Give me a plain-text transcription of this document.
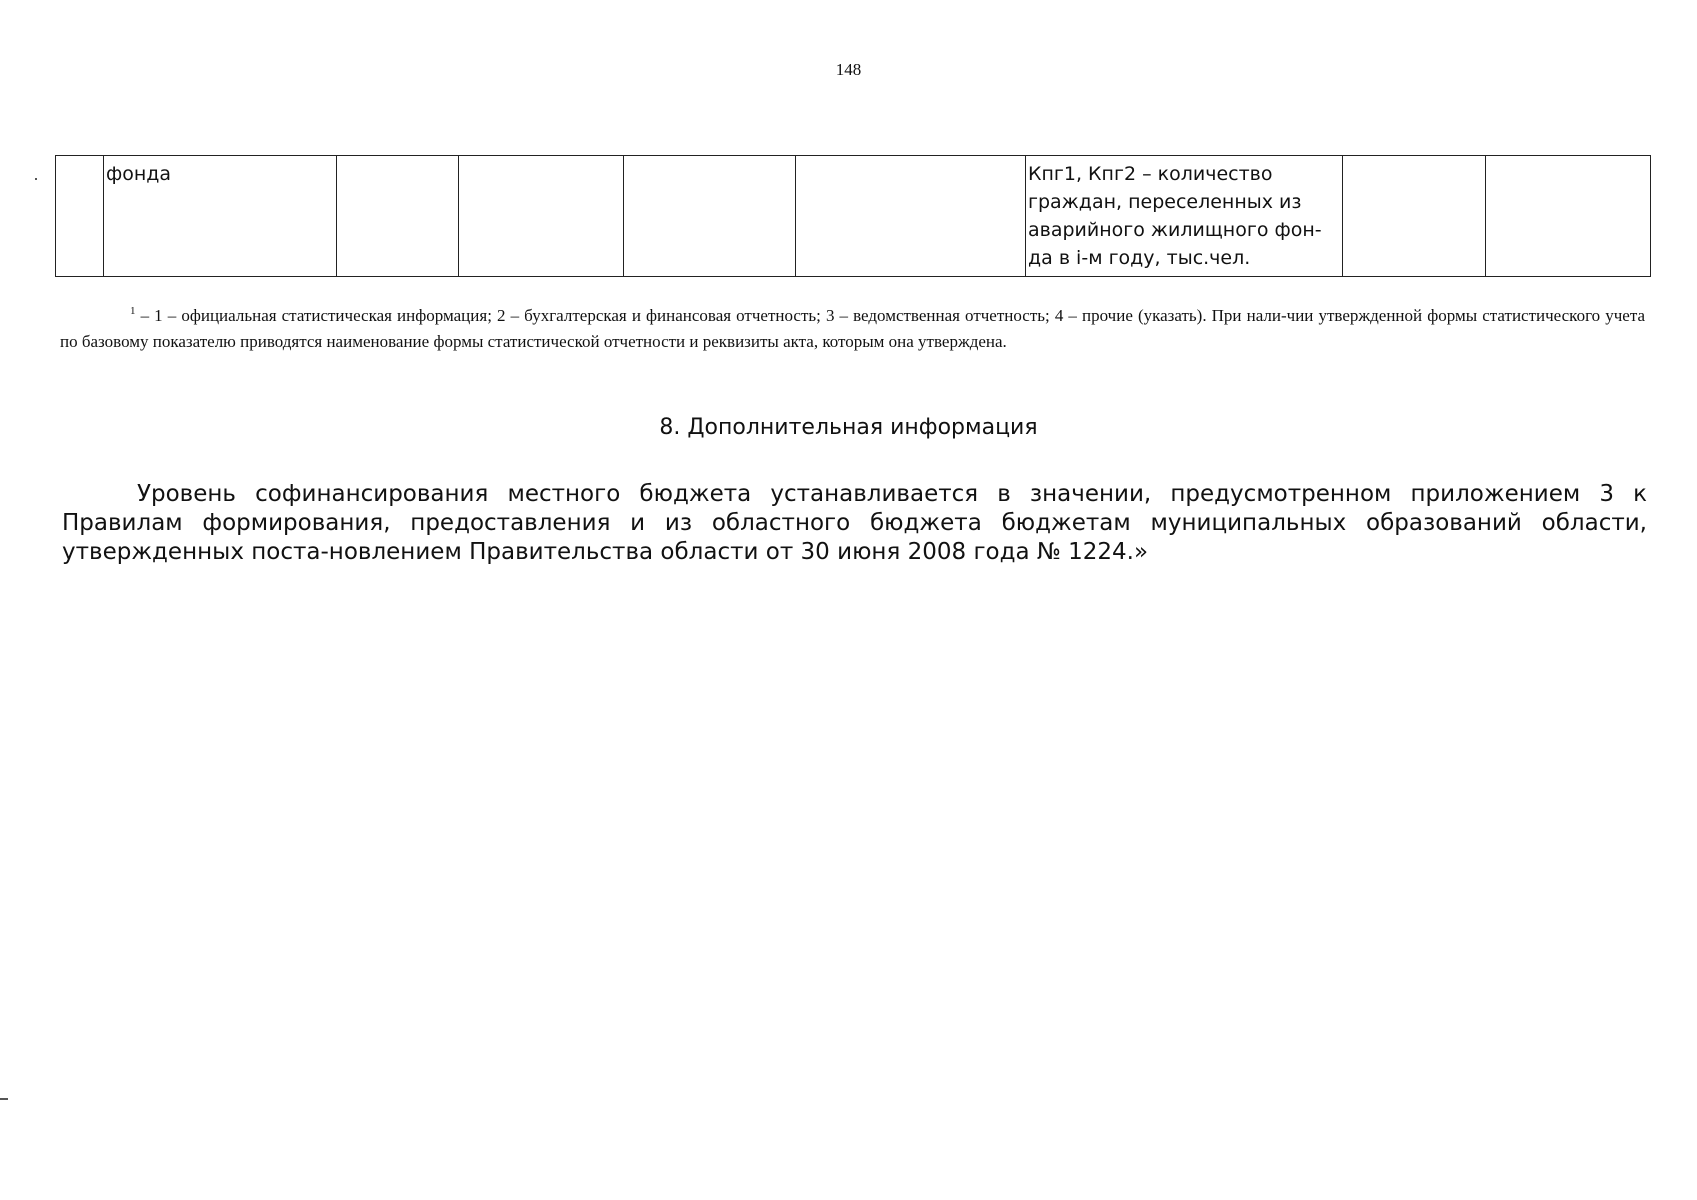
148
	фонда					Кпг1, Кпг2 – количество граждан, переселенных из аварийного жилищного фон-да в i-м году, тыс.чел.		
$^1$ – 1 – официальная статистическая информация; 2 – бухгалтерская и финансовая отчетность; 3 – ведомственная отчетность; 4 – прочие (указать). При нали-чии утвержденной формы статистического учета по базовому показателю приводятся наименование формы статистической отчетности и реквизиты акта, которым она утверждена.
8. Дополнительная информация
Уровень софинансирования местного бюджета устанавливается в значении, предусмотренном приложением 3 к Правилам формирования, предоставления и из областного бюджета бюджетам муниципальных образований области, утвержденных поста-новлением Правительства области от 30 июня 2008 года № 1224.»
